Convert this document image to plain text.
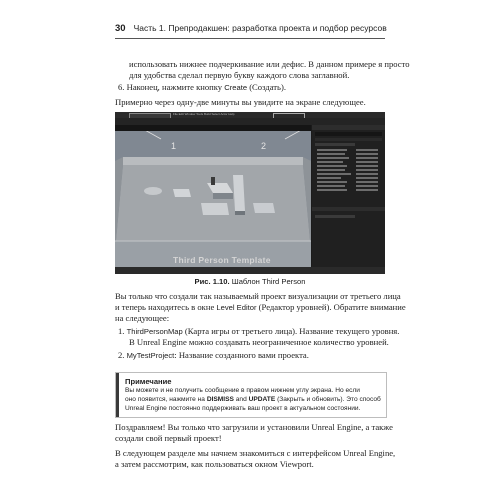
30 Часть 1. Препродакшен: разработка проекта и подбор ресурсов
использовать нижнее подчеркивание или дефис. В данном примере я просто
для удобства сделал первую букву каждого слова заглавной.
6. Наконец, нажмите кнопку Create (Создать).
Примерно через одну-две минуты вы увидите на экране следующее.
File Edit Window Tools Build Select Actor Help
1	2
Third Person Template
Рис. 1.10. Шаблон Third Person
Вы только что создали так называемый проект визуализации от третьего лица
и теперь находитесь в окне Level Editor (Редактор уровней). Обратите внимание
на следующее:
1. ThirdPersonMap (Карта игры от третьего лица). Название текущего уровня.
В Unreal Engine можно создавать неограниченное количество уровней.
2. MyTestProject: Название созданного вами проекта.
Примечание
Вы можете и не получить сообщение в правом нижнем углу экрана. Но если
оно появится, нажмите на DISMISS and UPDATE (Закрыть и обновить). Это способ
Unreal Engine постоянно поддерживать ваш проект в актуальном состоянии.
Поздравляем! Вы только что загрузили и установили Unreal Engine, а также
создали свой первый проект!
В следующем разделе мы начнем знакомиться с интерфейсом Unreal Engine,
а затем рассмотрим, как пользоваться окном Viewport.
